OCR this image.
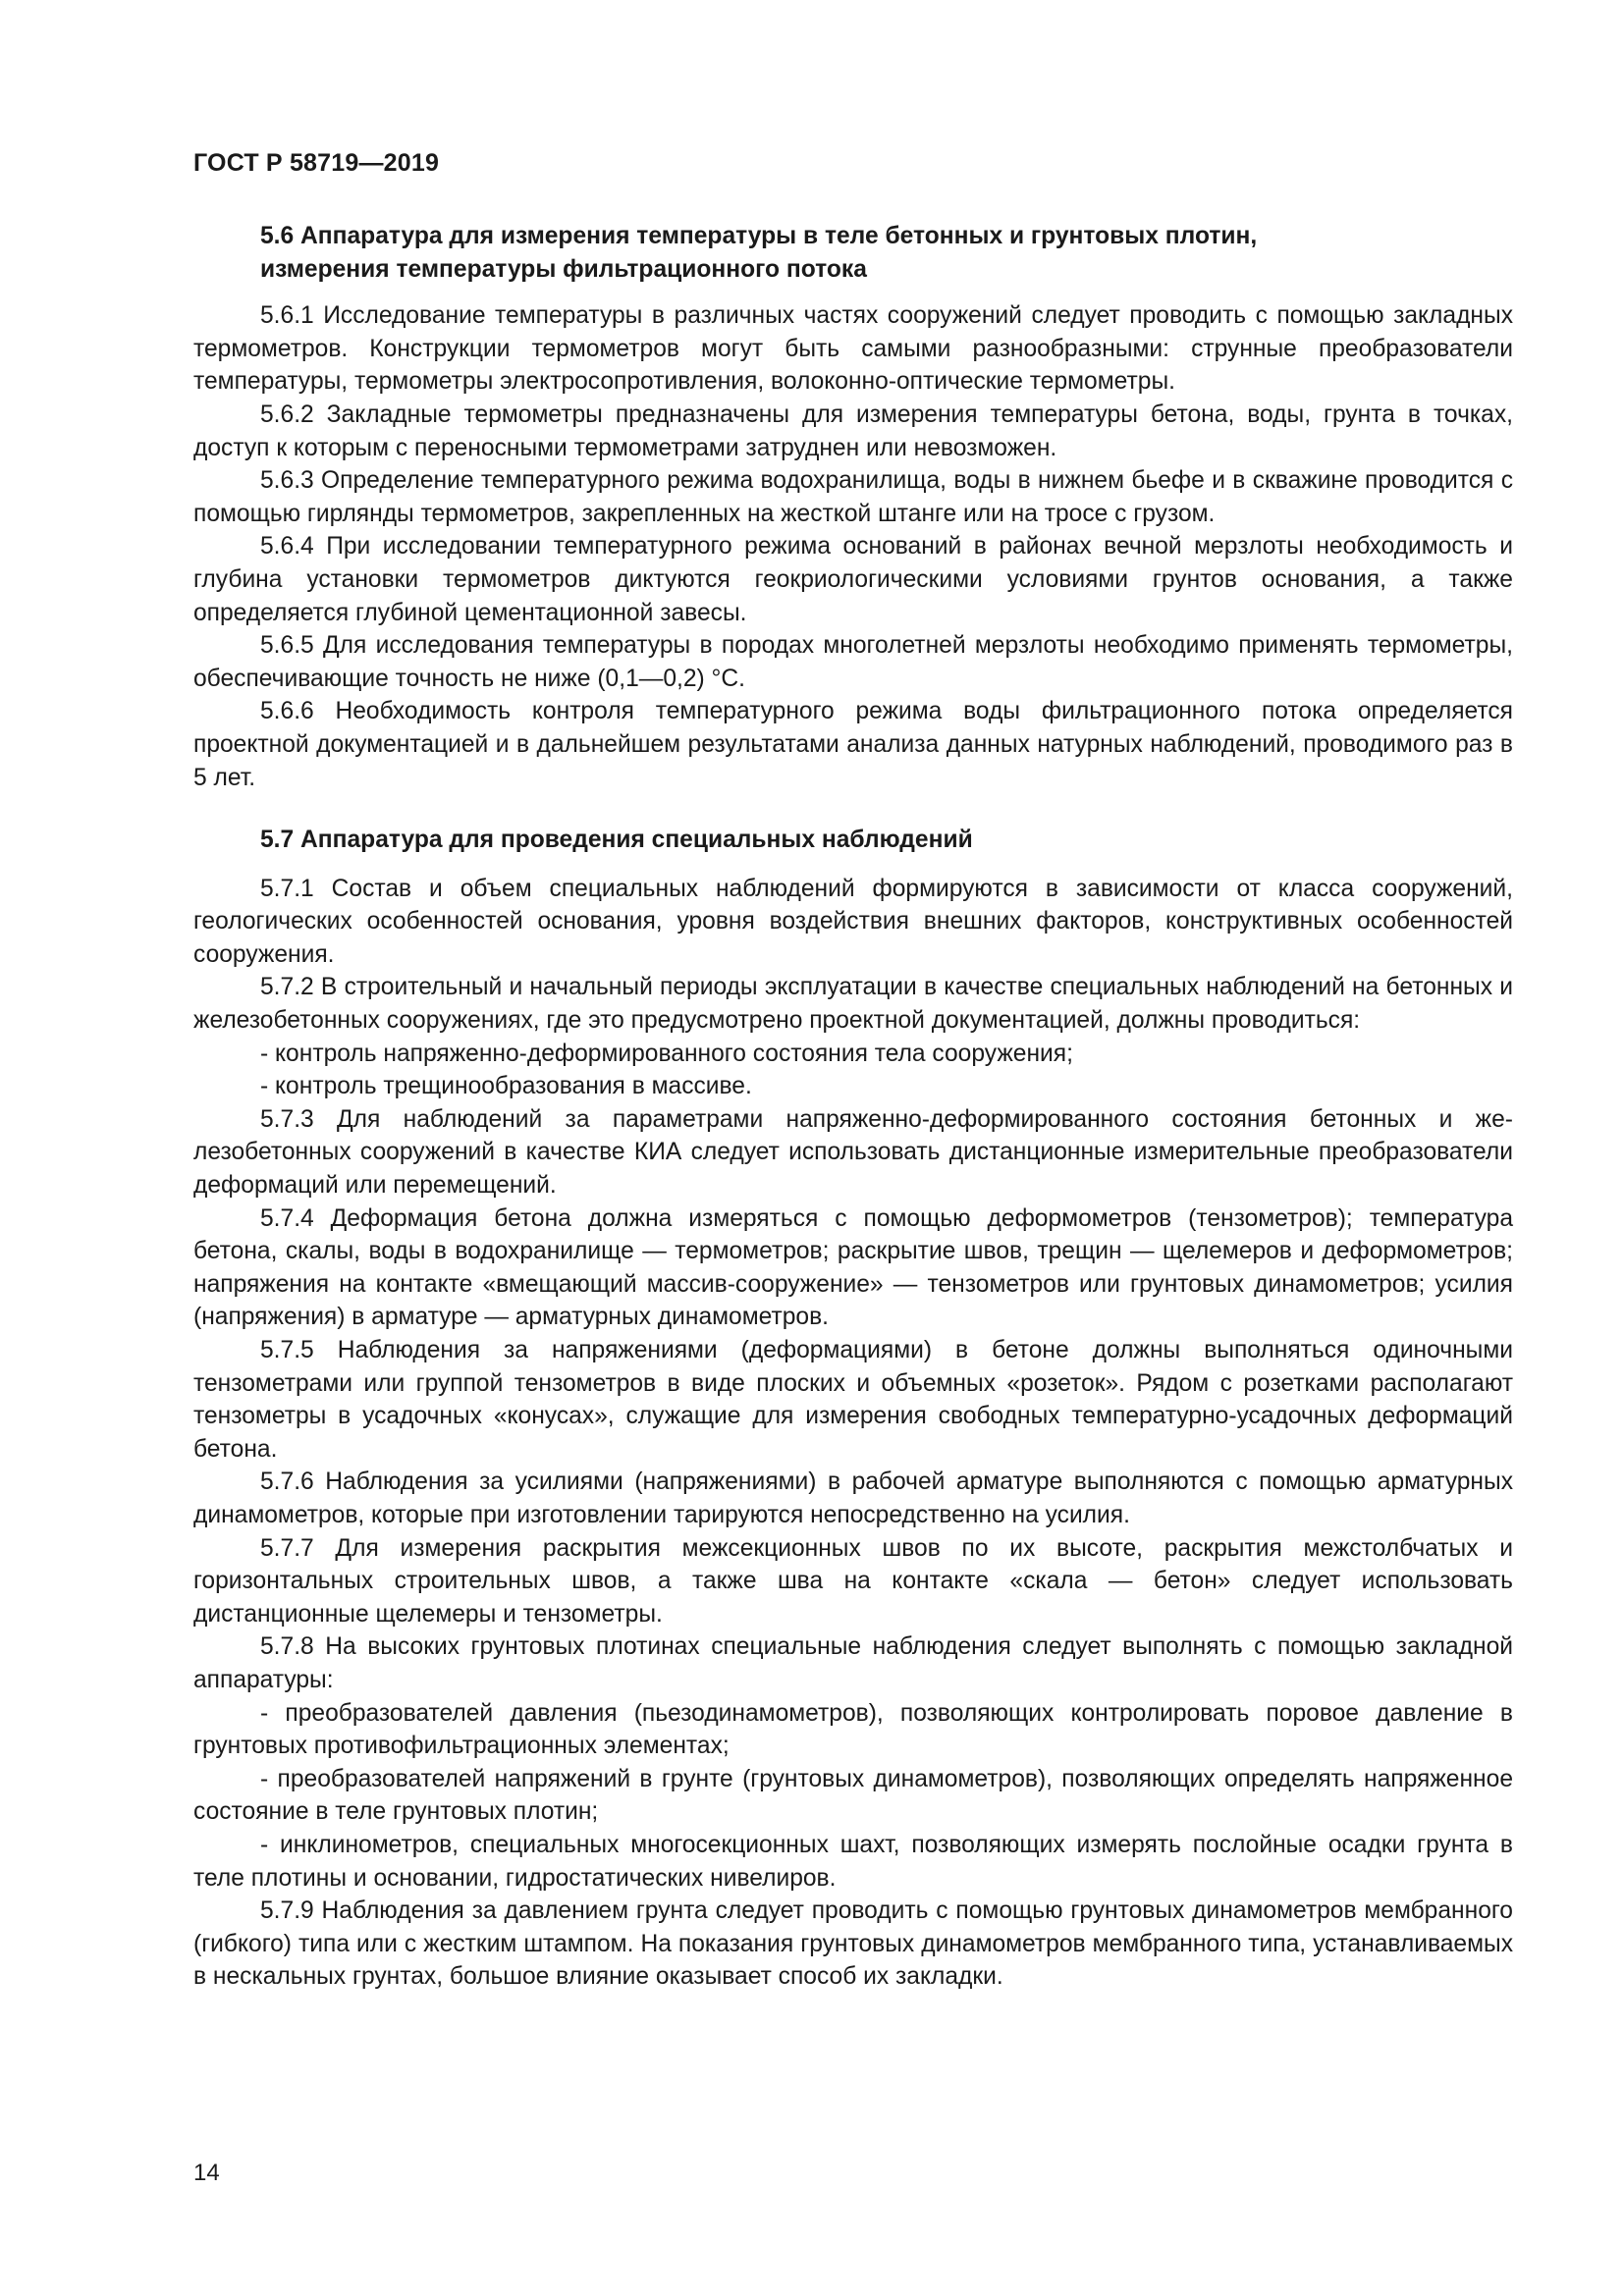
ГОСТ Р 58719—2019

5.6 Аппаратура для измерения температуры в теле бетонных и грунтовых плотин,
измерения температуры фильтрационного потока

5.6.1 Исследование температуры в различных частях сооружений следует проводить с помощью закладных термометров. Конструкции термометров могут быть самыми разнообразными: струнные преобразователи температуры, термометры электросопротивления, волоконно-оптические термометры.

5.6.2 Закладные термометры предназначены для измерения температуры бетона, воды, грунта в точках, доступ к которым с переносными термометрами затруднен или невозможен.

5.6.3 Определение температурного режима водохранилища, воды в нижнем бьефе и в скважине проводится с помощью гирлянды термометров, закрепленных на жесткой штанге или на тросе с грузом.

5.6.4 При исследовании температурного режима оснований в районах вечной мерзлоты необходимость и глубина установки термометров диктуются геокриологическими условиями грунтов основания, а также определяется глубиной цементационной завесы.

5.6.5 Для исследования температуры в породах многолетней мерзлоты необходимо применять термометры, обеспечивающие точность не ниже (0,1—0,2) °С.

5.6.6 Необходимость контроля температурного режима воды фильтрационного потока определяется проектной документацией и в дальнейшем результатами анализа данных натурных наблюдений, проводимого раз в 5 лет.

5.7 Аппаратура для проведения специальных наблюдений

5.7.1 Состав и объем специальных наблюдений формируются в зависимости от класса сооружений, геологических особенностей основания, уровня воздействия внешних факторов, конструктивных особенностей сооружения.

5.7.2 В строительный и начальный периоды эксплуатации в качестве специальных наблюдений на бетонных и железобетонных сооружениях, где это предусмотрено проектной документацией, должны проводиться:

- контроль напряженно-деформированного состояния тела сооружения;

- контроль трещинообразования в массиве.

5.7.3 Для наблюдений за параметрами напряженно-деформированного состояния бетонных и железобетонных сооружений в качестве КИА следует использовать дистанционные измерительные преобразователи деформаций или перемещений.

5.7.4 Деформация бетона должна измеряться с помощью деформометров (тензометров); температура бетона, скалы, воды в водохранилище — термометров; раскрытие швов, трещин — щелемеров и деформометров; напряжения на контакте «вмещающий массив-сооружение» — тензометров или грунтовых динамометров; усилия (напряжения) в арматуре — арматурных динамометров.

5.7.5 Наблюдения за напряжениями (деформациями) в бетоне должны выполняться одиночными тензометрами или группой тензометров в виде плоских и объемных «розеток». Рядом с розетками располагают тензометры в усадочных «конусах», служащие для измерения свободных температурно-усадочных деформаций бетона.

5.7.6 Наблюдения за усилиями (напряжениями) в рабочей арматуре выполняются с помощью арматурных динамометров, которые при изготовлении тарируются непосредственно на усилия.

5.7.7 Для измерения раскрытия межсекционных швов по их высоте, раскрытия межстолбчатых и горизонтальных строительных швов, а также шва на контакте «скала — бетон» следует использовать дистанционные щелемеры и тензометры.

5.7.8 На высоких грунтовых плотинах специальные наблюдения следует выполнять с помощью закладной аппаратуры:

- преобразователей давления (пьезодинамометров), позволяющих контролировать поровое давление в грунтовых противофильтрационных элементах;

- преобразователей напряжений в грунте (грунтовых динамометров), позволяющих определять напряженное состояние в теле грунтовых плотин;

- инклинометров, специальных многосекционных шахт, позволяющих измерять послойные осадки грунта в теле плотины и основании, гидростатических нивелиров.

5.7.9 Наблюдения за давлением грунта следует проводить с помощью грунтовых динамометров мембранного (гибкого) типа или с жестким штампом. На показания грунтовых динамометров мембранного типа, устанавливаемых в нескальных грунтах, большое влияние оказывает способ их закладки.

14
